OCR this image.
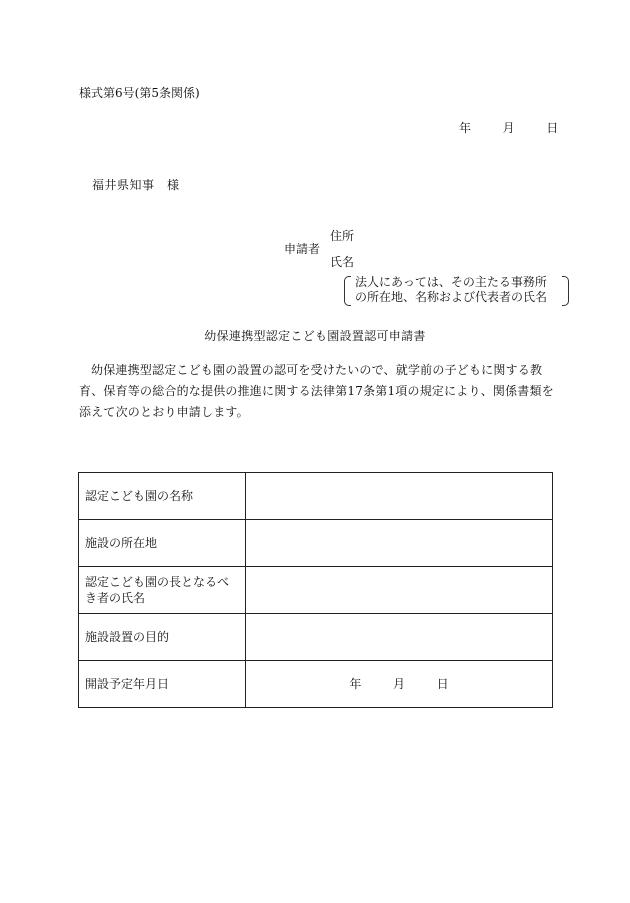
様式第6号(第5条関係)
年	月	日
福井県知事　様
申請者
住所
氏名
法人にあっては、その主たる事務所
の所在地、名称および代表者の氏名
幼保連携型認定こども園設置認可申請書
幼保連携型認定こども園の設置の認可を受けたいので、就学前の子どもに関する教育、保育等の総合的な提供の推進に関する法律第17条第1項の規定により、関係書類を添えて次のとおり申請します。
認定こども園の名称	
施設の所在地	
認定こども園の長となるべき者の氏名	
施設設置の目的	
開設予定年月日	年 月 日
